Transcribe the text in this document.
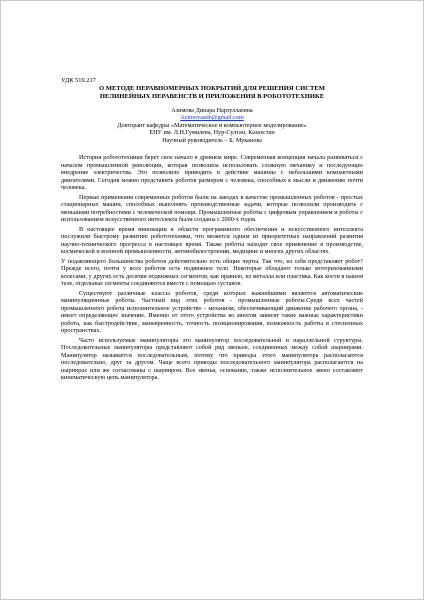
УДК 519.217

О МЕТОДЕ НЕРАВНОМЕРНЫХ ПОКРЫТИЙ ДЛЯ РЕШЕНИЯ СИСТЕМ
НЕЛИНЕЙНЫХ НЕРАВЕНСТВ И ПРИЛОЖЕНИЯ В РОБОТОТЕХНИКЕ
Азимова Динара Нарзуллаевна
Azimovaadn@gmail.com
Докторант кафедры «Математическое и компьютерное моделирование»
ЕНУ им. Л.Н.Гумилева, Нур-Султан, Казахстан
Научный руководитель – Б. Муканова

История робототехники берет свое начало в древнем мире. Современная концепция начала развиваться с началом промышленной революции, которая позволила использовать сложную механику и последующее внедрение электричества. Это позволило приводить в действие машины с небольшими компактными двигателями. Сегодня можно представить роботов размером с человека, способных к мысли и движению почти человека.

Первые применения современных роботов были на заводах в качестве промышленных роботов - простых стационарных машин, способных выполнять производственные задачи, которые позволили производить с меньшими потребностями с человеческой помощи. Промышленные роботы с цифровым управлением и роботы с использованием искусственного интеллекта были созданы с 2000-х годов.

В настоящее время инновации в области программного обеспечения и искусственного интеллекта послужили быстрому развитию робототехники, что является одним из приоритетных направлений развития научно-технического прогресса в настоящее время. Также роботы находят свое применение в производстве, космической и военной промышленности, автомобилестроении, медицине и многих других областях.

У подавляющего большинства роботов действительно есть общие черты. Так что, из себя представляет робот? Прежде всего, почти у всех роботов есть подвижное тело. Некоторые обладают только моторизованными колесами, у других есть десятки подвижных сегментов, как правило, из металла или пластика. Как кости в вашем теле, отдельные сегменты соединяются вместе с помощью суставов.

Существуют различные классы роботов, среди которых важнейшими являются автоматические манипуляционные роботы. Частный вид этих роботов - промышленные роботы.Среди всех частей промышленного робота исполнительное устройство - механизм, обеспечивающий движение рабочего органа, - имеет определяющее значение. Именно от этого устройства во многом зависят такие важные характеристики робота, как быстродействие, маневренность, точность позиционирования, возможность работы в стесненных пространствах.

Часто используемые манипуляторы это манипулятор последовательной и параллельной структуры. Последовательные манипуляторы представляют собой ряд звеньев, соединенных между собой шарнирами. Манипулятор называется последовательным, потому что приводы этого манипулятора располагаются последовательно, друг за другом. Чаще всего приводы последовательного манипулятора располагаются на шарнирах или же согласованы с шарниром. Все звенья, основание, также исполнительное звено составляют кинематическую цепь манипулятора.
